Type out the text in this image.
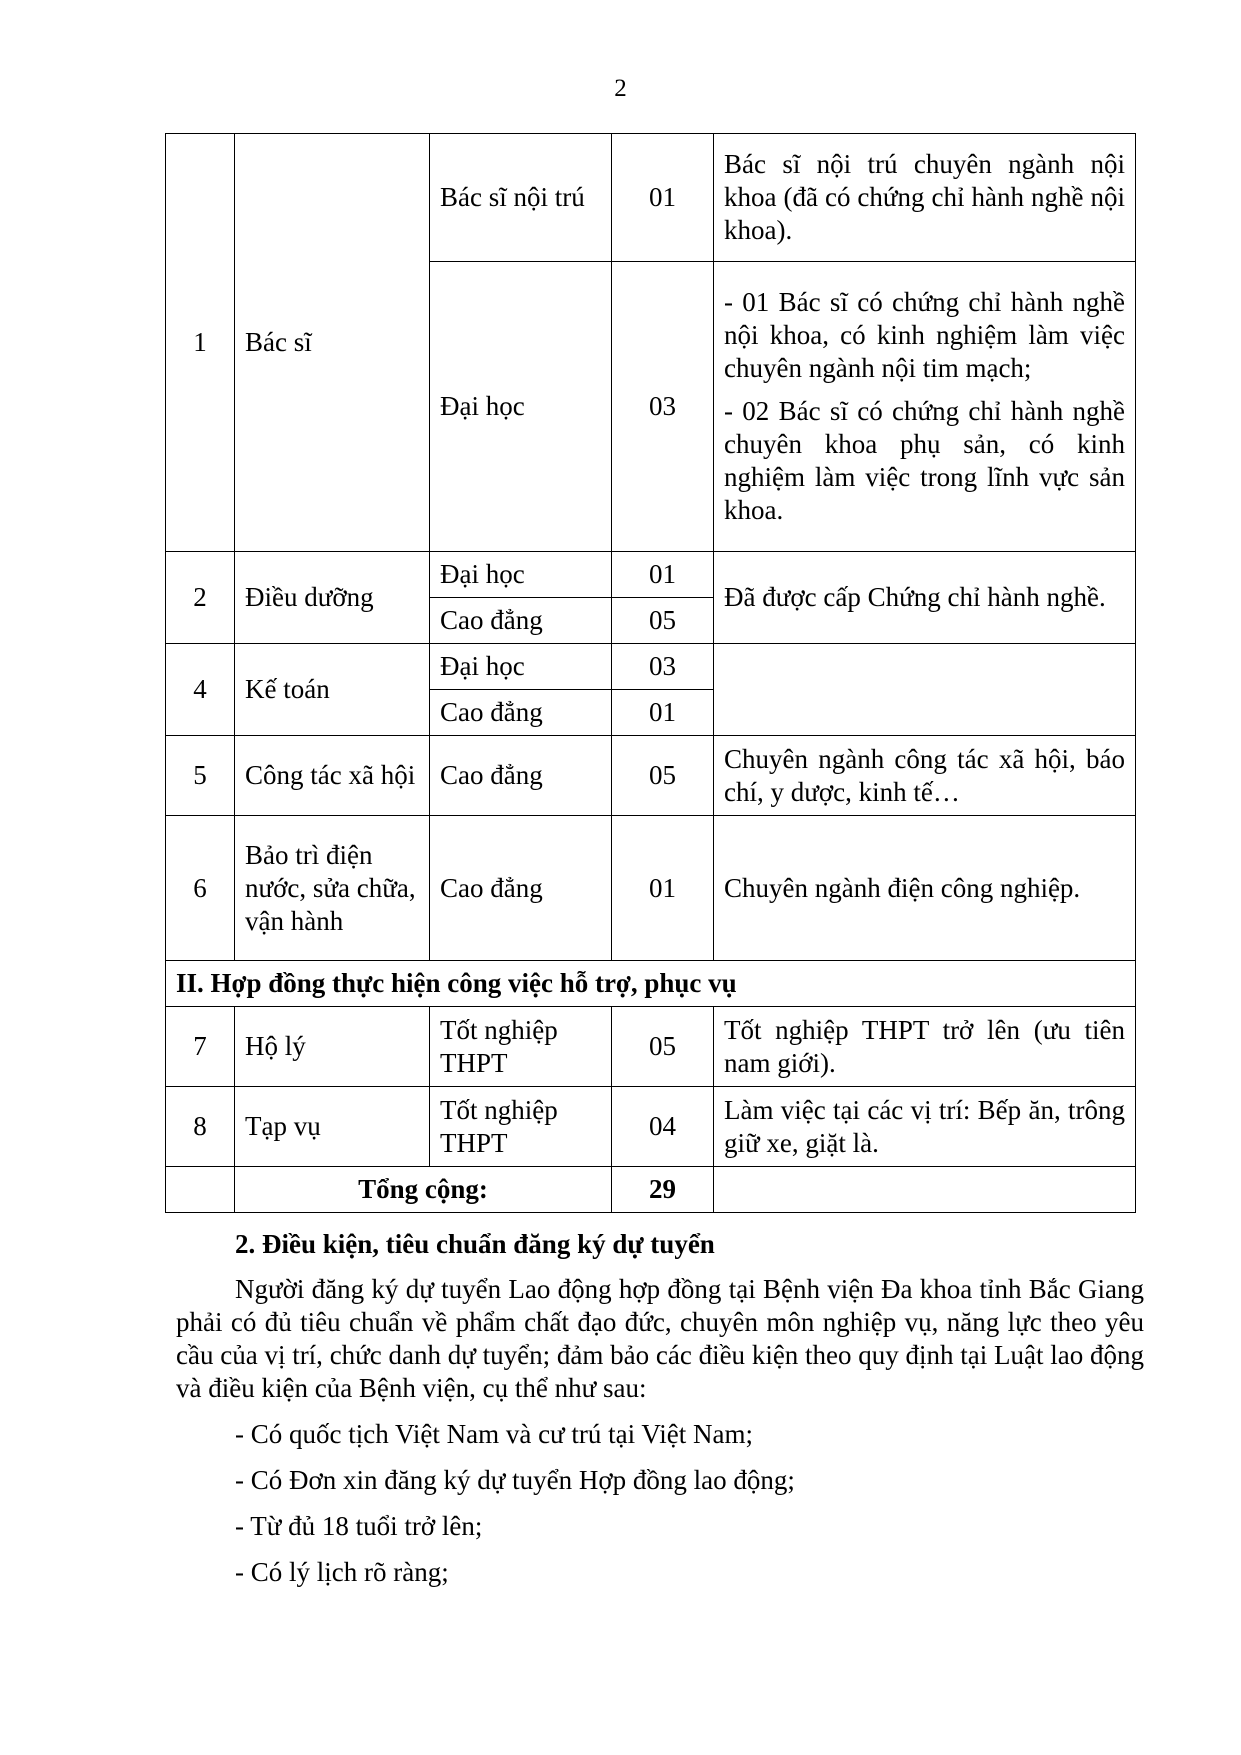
2
1	Bác sĩ	Bác sĩ nội trú	01	Bác sĩ nội trú chuyên ngành nội khoa (đã có chứng chỉ hành nghề nội khoa).

		Đại học	03	- 01 Bác sĩ có chứng chỉ hành nghề nội khoa, có kinh nghiệm làm việc chuyên ngành nội tim mạch;

- 02 Bác sĩ có chứng chỉ hành nghề chuyên khoa phụ sản, có kinh nghiệm làm việc trong lĩnh vực sản khoa.

2	Điều dưỡng	Đại học	01	Đã được cấp Chứng chỉ hành nghề.
		Cao đẳng	05	
4	Kế toán	Đại học	03	
		Cao đẳng	01	
5	Công tác xã hội	Cao đẳng	05	Chuyên ngành công tác xã hội, báo chí, y dược, kinh tế…
6	Bảo trì điện nước, sửa chữa, vận hành	Cao đẳng	01	Chuyên ngành điện công nghiệp.
II. Hợp đồng thực hiện công việc hỗ trợ, phục vụ				
7	Hộ lý	Tốt nghiệp THPT	05	Tốt nghiệp THPT trở lên (ưu tiên nam giới).
8	Tạp vụ	Tốt nghiệp THPT	04	Làm việc tại các vị trí: Bếp ăn, trông giữ xe, giặt là.
	Tổng cộng:		29	
2. Điều kiện, tiêu chuẩn đăng ký dự tuyển

Người đăng ký dự tuyển Lao động hợp đồng tại Bệnh viện Đa khoa tỉnh Bắc Giang phải có đủ tiêu chuẩn về phẩm chất đạo đức, chuyên môn nghiệp vụ, năng lực theo yêu cầu của vị trí, chức danh dự tuyển; đảm bảo các điều kiện theo quy định tại Luật lao động và điều kiện của Bệnh viện, cụ thể như sau:

- Có quốc tịch Việt Nam và cư trú tại Việt Nam;

- Có Đơn xin đăng ký dự tuyển Hợp đồng lao động;

- Từ đủ 18 tuổi trở lên;

- Có lý lịch rõ ràng;
